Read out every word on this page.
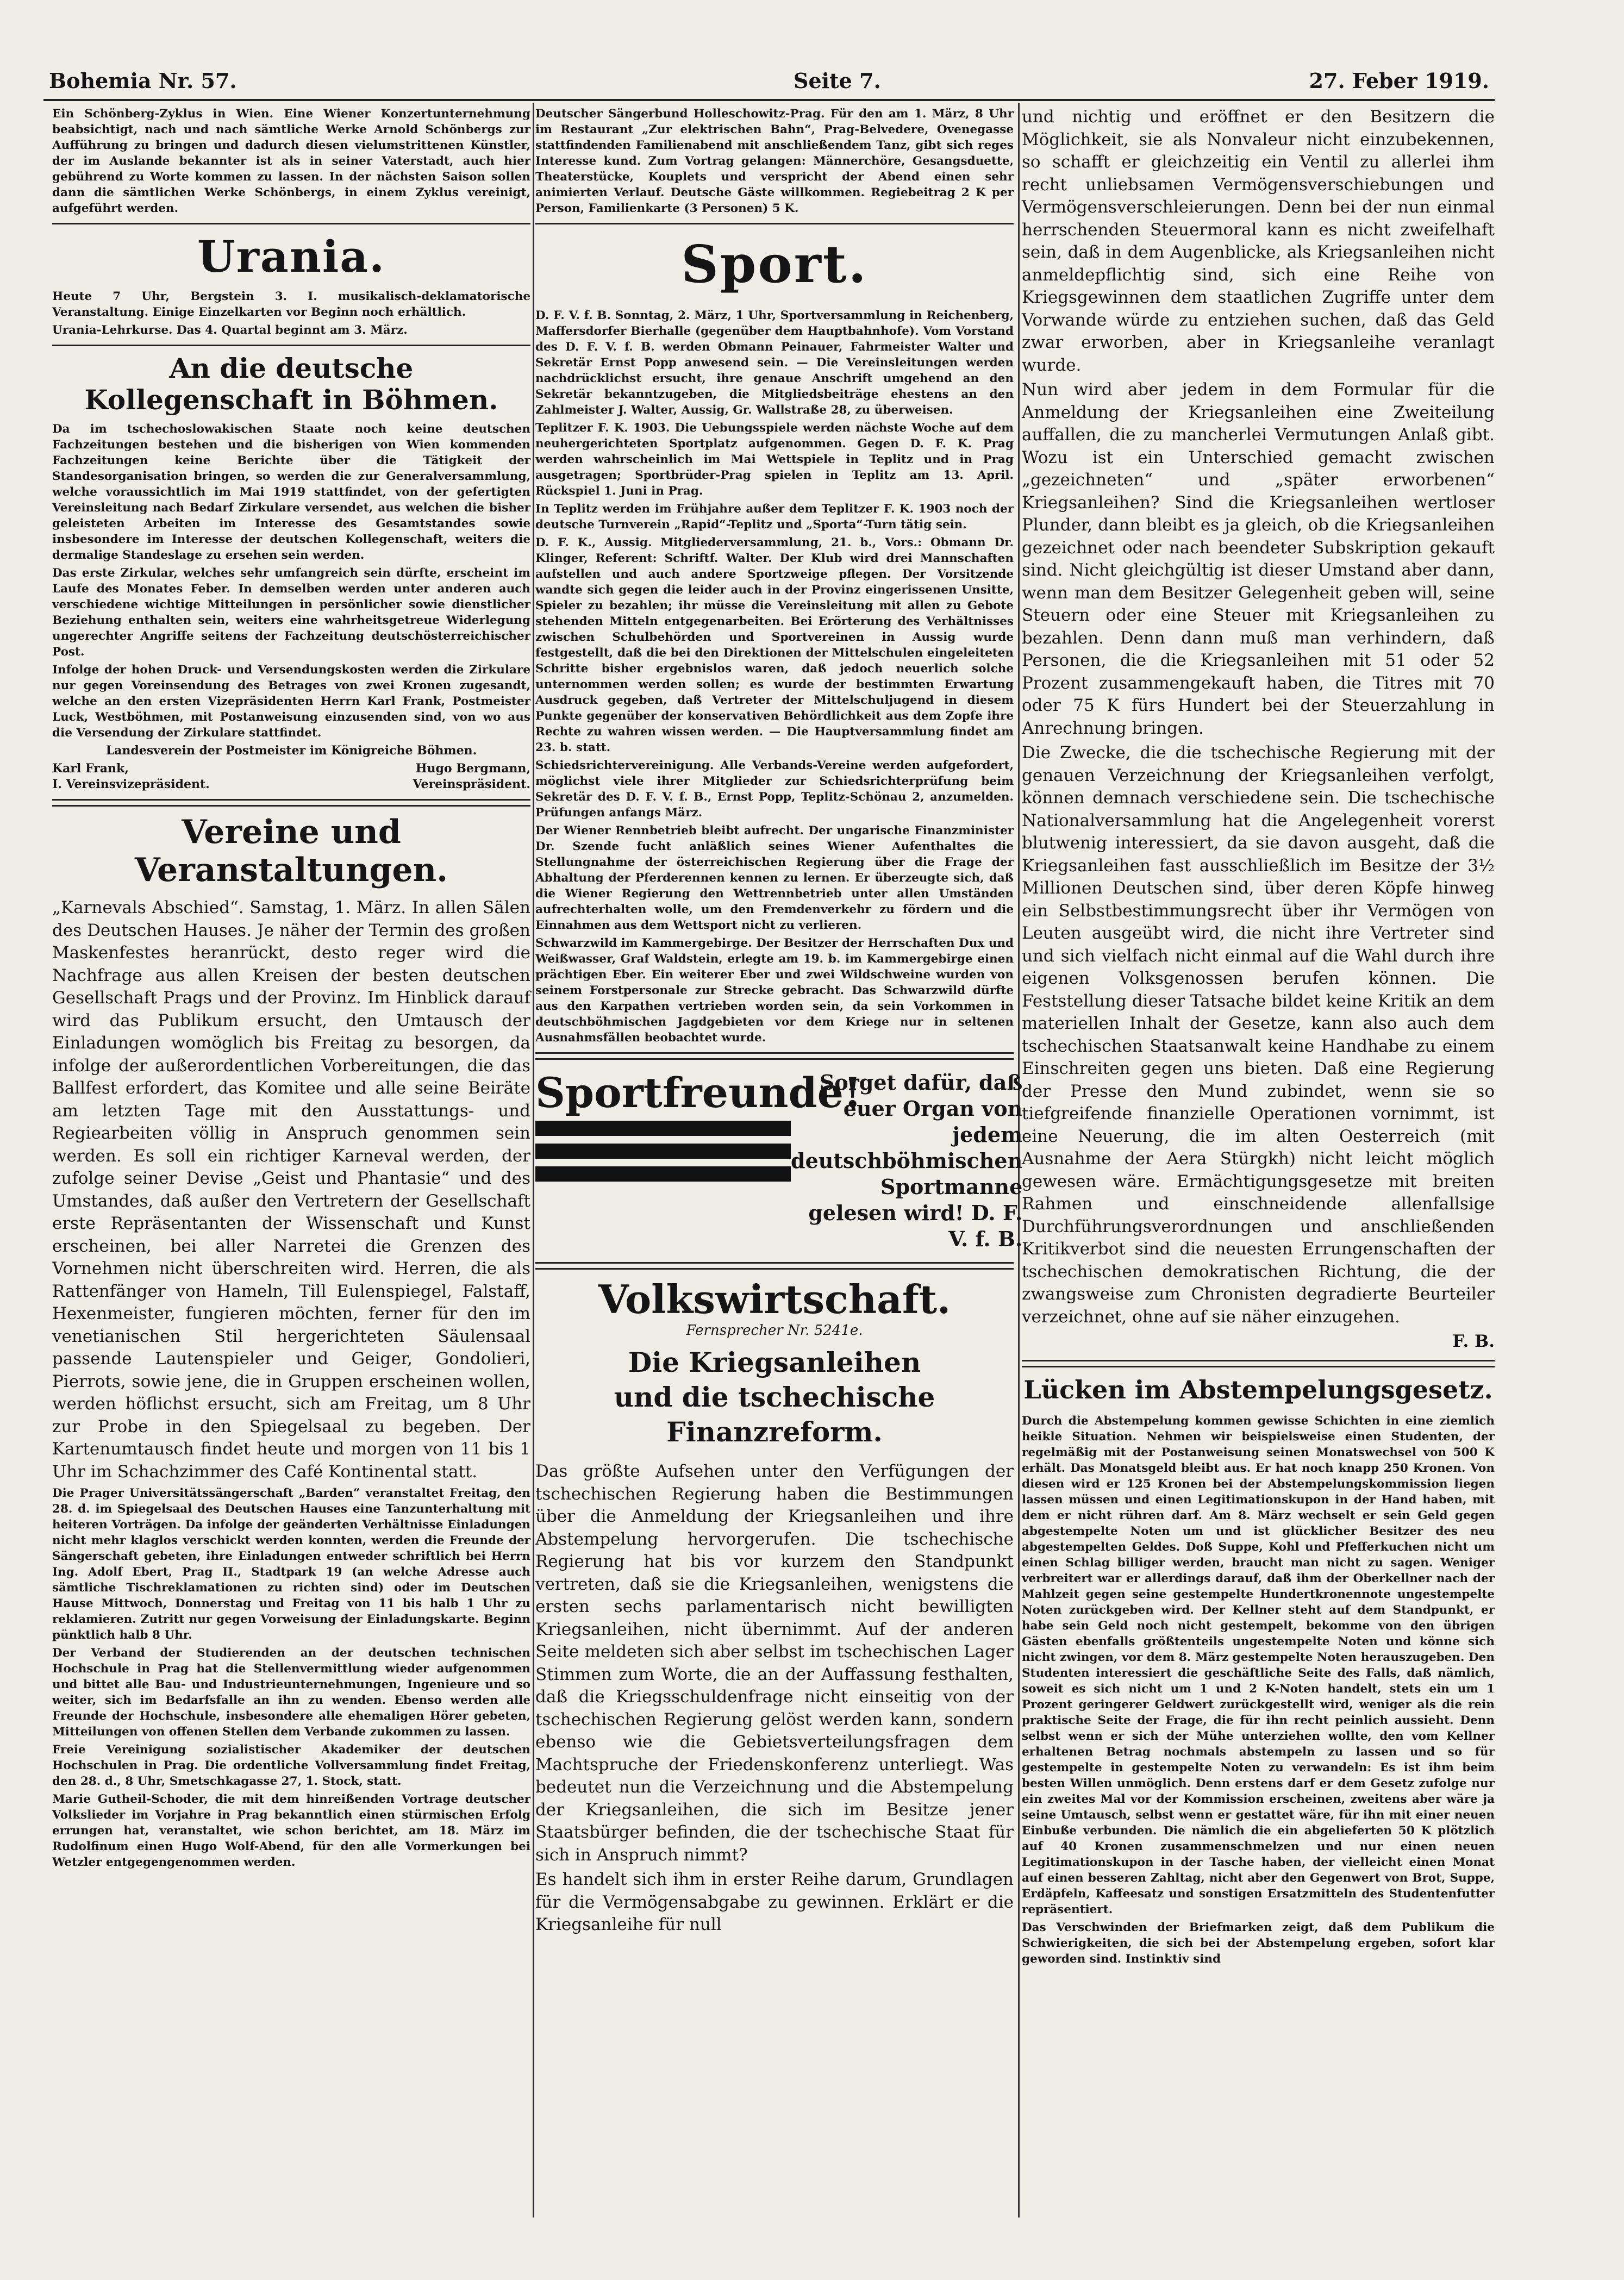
Bohemia Nr. 57.	Seite 7.	27. Feber 1919.

Ein Schönberg-Zyklus in Wien. Eine Wiener Konzertunternehmung beabsichtigt, nach und nach sämtliche Werke Arnold Schönbergs zur Aufführung zu bringen und dadurch diesen vielumstrittenen Künstler, der im Auslande bekannter ist als in seiner Vaterstadt, auch hier gebührend zu Worte kommen zu lassen. In der nächsten Saison sollen dann die sämtlichen Werke Schönbergs, in einem Zyklus vereinigt, aufgeführt werden.

Urania.

Heute 7 Uhr, Bergstein 3. I. musikalisch-deklamatorische Veranstaltung. Einige Einzelkarten vor Beginn noch erhältlich.

Urania-Lehrkurse. Das 4. Quartal beginnt am 3. März.

An die deutsche Kollegenschaft in Böhmen.

Da im tschechoslowakischen Staate noch keine deutschen Fachzeitungen bestehen und die bisherigen von Wien kommenden Fachzeitungen keine Berichte über die Tätigkeit der Standesorganisation bringen, so werden die zur Generalversammlung, welche voraussichtlich im Mai 1919 stattfindet, von der gefertigten Vereinsleitung nach Bedarf Zirkulare versendet, aus welchen die bisher geleisteten Arbeiten im Interesse des Gesamtstandes sowie insbesondere im Interesse der deutschen Kollegenschaft, weiters die dermalige Standeslage zu ersehen sein werden.

Das erste Zirkular, welches sehr umfangreich sein dürfte, erscheint im Laufe des Monates Feber. In demselben werden unter anderen auch verschiedene wichtige Mitteilungen in persönlicher sowie dienstlicher Beziehung enthalten sein, weiters eine wahrheitsgetreue Widerlegung ungerechter Angriffe seitens der Fachzeitung deutschösterreichischer Post.

Infolge der hohen Druck- und Versendungskosten werden die Zirkulare nur gegen Voreinsendung des Betrages von zwei Kronen zugesandt, welche an den ersten Vizepräsidenten Herrn Karl Frank, Postmeister Luck, Westböhmen, mit Postanweisung einzusenden sind, von wo aus die Versendung der Zirkulare stattfindet.

Landesverein der Postmeister im Königreiche Böhmen.

Karl Frank,	Hugo Bergmann,
I. Vereinsvizepräsident.	Vereinspräsident.
Vereine und Veranstaltungen.

„Karnevals Abschied“. Samstag, 1. März. In allen Sälen des Deutschen Hauses. Je näher der Termin des großen Maskenfestes heranrückt, desto reger wird die Nachfrage aus allen Kreisen der besten deutschen Gesellschaft Prags und der Provinz. Im Hinblick darauf wird das Publikum ersucht, den Umtausch der Einladungen womöglich bis Freitag zu besorgen, da infolge der außerordentlichen Vorbereitungen, die das Ballfest erfordert, das Komitee und alle seine Beiräte am letzten Tage mit den Ausstattungs- und Regiearbeiten völlig in Anspruch genommen sein werden. Es soll ein richtiger Karneval werden, der zufolge seiner Devise „Geist und Phantasie“ und des Umstandes, daß außer den Vertretern der Gesellschaft erste Repräsentanten der Wissenschaft und Kunst erscheinen, bei aller Narretei die Grenzen des Vornehmen nicht überschreiten wird. Herren, die als Rattenfänger von Hameln, Till Eulenspiegel, Falstaff, Hexenmeister, fungieren möchten, ferner für den im venetianischen Stil hergerichteten Säulensaal passende Lautenspieler und Geiger, Gondolieri, Pierrots, sowie jene, die in Gruppen erscheinen wollen, werden höflichst ersucht, sich am Freitag, um 8 Uhr zur Probe in den Spiegelsaal zu begeben. Der Kartenumtausch findet heute und morgen von 11 bis 1 Uhr im Schachzimmer des Café Kontinental statt.

Die Prager Universitätssängerschaft „Barden“ veranstaltet Freitag, den 28. d. im Spiegelsaal des Deutschen Hauses eine Tanzunterhaltung mit heiteren Vorträgen. Da infolge der geänderten Verhältnisse Einladungen nicht mehr klaglos verschickt werden konnten, werden die Freunde der Sängerschaft gebeten, ihre Einladungen entweder schriftlich bei Herrn Ing. Adolf Ebert, Prag II., Stadtpark 19 (an welche Adresse auch sämtliche Tischreklamationen zu richten sind) oder im Deutschen Hause Mittwoch, Donnerstag und Freitag von 11 bis halb 1 Uhr zu reklamieren. Zutritt nur gegen Vorweisung der Einladungskarte. Beginn pünktlich halb 8 Uhr.

Der Verband der Studierenden an der deutschen technischen Hochschule in Prag hat die Stellenvermittlung wieder aufgenommen und bittet alle Bau- und Industrieunternehmungen, Ingenieure und so weiter, sich im Bedarfsfalle an ihn zu wenden. Ebenso werden alle Freunde der Hochschule, insbesondere alle ehemaligen Hörer gebeten, Mitteilungen von offenen Stellen dem Verbande zukommen zu lassen.

Freie Vereinigung sozialistischer Akademiker der deutschen Hochschulen in Prag. Die ordentliche Vollversammlung findet Freitag, den 28. d., 8 Uhr, Smetschkagasse 27, 1. Stock, statt.

Marie Gutheil-Schoder, die mit dem hinreißenden Vortrage deutscher Volkslieder im Vorjahre in Prag bekanntlich einen stürmischen Erfolg errungen hat, veranstaltet, wie schon berichtet, am 18. März im Rudolfinum einen Hugo Wolf-Abend, für den alle Vormerkungen bei Wetzler entgegengenommen werden.

Deutscher Sängerbund Holleschowitz-Prag. Für den am 1. März, 8 Uhr im Restaurant „Zur elektrischen Bahn“, Prag-Belvedere, Ovenegasse stattfindenden Familienabend mit anschließendem Tanz, gibt sich reges Interesse kund. Zum Vortrag gelangen: Männerchöre, Gesangsduette, Theaterstücke, Kouplets und verspricht der Abend einen sehr animierten Verlauf. Deutsche Gäste willkommen. Regiebeitrag 2 K per Person, Familienkarte (3 Personen) 5 K.

Sport.

D. F. V. f. B. Sonntag, 2. März, 1 Uhr, Sportversammlung in Reichenberg, Maffersdorfer Bierhalle (gegenüber dem Hauptbahnhofe). Vom Vorstand des D. F. V. f. B. werden Obmann Peinauer, Fahrmeister Walter und Sekretär Ernst Popp anwesend sein. — Die Vereinsleitungen werden nachdrücklichst ersucht, ihre genaue Anschrift umgehend an den Sekretär bekanntzugeben, die Mitgliedsbeiträge ehestens an den Zahlmeister J. Walter, Aussig, Gr. Wallstraße 28, zu überweisen.

Teplitzer F. K. 1903. Die Uebungsspiele werden nächste Woche auf dem neuhergerichteten Sportplatz aufgenommen. Gegen D. F. K. Prag werden wahrscheinlich im Mai Wettspiele in Teplitz und in Prag ausgetragen; Sportbrüder-Prag spielen in Teplitz am 13. April. Rückspiel 1. Juni in Prag.

In Teplitz werden im Frühjahre außer dem Teplitzer F. K. 1903 noch der deutsche Turnverein „Rapid“-Teplitz und „Sporta“-Turn tätig sein.

D. F. K., Aussig. Mitgliederversammlung, 21. b., Vors.: Obmann Dr. Klinger, Referent: Schriftf. Walter. Der Klub wird drei Mannschaften aufstellen und auch andere Sportzweige pflegen. Der Vorsitzende wandte sich gegen die leider auch in der Provinz eingerissenen Unsitte, Spieler zu bezahlen; ihr müsse die Vereinsleitung mit allen zu Gebote stehenden Mitteln entgegenarbeiten. Bei Erörterung des Verhältnisses zwischen Schulbehörden und Sportvereinen in Aussig wurde festgestellt, daß die bei den Direktionen der Mittelschulen eingeleiteten Schritte bisher ergebnislos waren, daß jedoch neuerlich solche unternommen werden sollen; es wurde der bestimmten Erwartung Ausdruck gegeben, daß Vertreter der Mittelschuljugend in diesem Punkte gegenüber der konservativen Behördlichkeit aus dem Zopfe ihre Rechte zu wahren wissen werden. — Die Hauptversammlung findet am 23. b. statt.

Schiedsrichtervereinigung. Alle Verbands-Vereine werden aufgefordert, möglichst viele ihrer Mitglieder zur Schiedsrichterprüfung beim Sekretär des D. F. V. f. B., Ernst Popp, Teplitz-Schönau 2, anzumelden. Prüfungen anfangs März.

Der Wiener Rennbetrieb bleibt aufrecht. Der ungarische Finanzminister Dr. Szende fucht anläßlich seines Wiener Aufenthaltes die Stellungnahme der österreichischen Regierung über die Frage der Abhaltung der Pferderennen kennen zu lernen. Er überzeugte sich, daß die Wiener Regierung den Wettrennbetrieb unter allen Umständen aufrechterhalten wolle, um den Fremdenverkehr zu fördern und die Einnahmen aus dem Wettsport nicht zu verlieren.

Schwarzwild im Kammergebirge. Der Besitzer der Herrschaften Dux und Weißwasser, Graf Waldstein, erlegte am 19. b. im Kammergebirge einen prächtigen Eber. Ein weiterer Eber und zwei Wildschweine wurden von seinem Forstpersonale zur Strecke gebracht. Das Schwarzwild dürfte aus den Karpathen vertrieben worden sein, da sein Vorkommen in deutschböhmischen Jagdgebieten vor dem Kriege nur in seltenen Ausnahmsfällen beobachtet wurde.

Sportfreunde!
Sorget dafür, daß euer Organ von jedem deutschböhmischen Sportmanne gelesen wird! D. F. V. f. B.
Volkswirtschaft.
Fernsprecher Nr. 5241e.
Die Kriegsanleihen
und die tschechische Finanzreform.

Das größte Aufsehen unter den Verfügungen der tschechischen Regierung haben die Bestimmungen über die Anmeldung der Kriegsanleihen und ihre Abstempelung hervorgerufen. Die tschechische Regierung hat bis vor kurzem den Standpunkt vertreten, daß sie die Kriegsanleihen, wenigstens die ersten sechs parlamentarisch nicht bewilligten Kriegsanleihen, nicht übernimmt. Auf der anderen Seite meldeten sich aber selbst im tschechischen Lager Stimmen zum Worte, die an der Auffassung festhalten, daß die Kriegsschuldenfrage nicht einseitig von der tschechischen Regierung gelöst werden kann, sondern ebenso wie die Gebietsverteilungsfragen dem Machtspruche der Friedenskonferenz unterliegt. Was bedeutet nun die Verzeichnung und die Abstempelung der Kriegsanleihen, die sich im Besitze jener Staatsbürger befinden, die der tschechische Staat für sich in Anspruch nimmt?

Es handelt sich ihm in erster Reihe darum, Grundlagen für die Vermögensabgabe zu gewinnen. Erklärt er die Kriegsanleihe für null

und nichtig und eröffnet er den Besitzern die Möglichkeit, sie als Nonvaleur nicht einzubekennen, so schafft er gleichzeitig ein Ventil zu allerlei ihm recht unliebsamen Vermögensverschiebungen und Vermögensverschleierungen. Denn bei der nun einmal herrschenden Steuermoral kann es nicht zweifelhaft sein, daß in dem Augenblicke, als Kriegsanleihen nicht anmeldepflichtig sind, sich eine Reihe von Kriegsgewinnen dem staatlichen Zugriffe unter dem Vorwande würde zu entziehen suchen, daß das Geld zwar erworben, aber in Kriegsanleihe veranlagt wurde.

Nun wird aber jedem in dem Formular für die Anmeldung der Kriegsanleihen eine Zweiteilung auffallen, die zu mancherlei Vermutungen Anlaß gibt. Wozu ist ein Unterschied gemacht zwischen „gezeichneten“ und „später erworbenen“ Kriegsanleihen? Sind die Kriegsanleihen wertloser Plunder, dann bleibt es ja gleich, ob die Kriegsanleihen gezeichnet oder nach beendeter Subskription gekauft sind. Nicht gleichgültig ist dieser Umstand aber dann, wenn man dem Besitzer Gelegenheit geben will, seine Steuern oder eine Steuer mit Kriegsanleihen zu bezahlen. Denn dann muß man verhindern, daß Personen, die die Kriegsanleihen mit 51 oder 52 Prozent zusammengekauft haben, die Titres mit 70 oder 75 K fürs Hundert bei der Steuerzahlung in Anrechnung bringen.

Die Zwecke, die die tschechische Regierung mit der genauen Verzeichnung der Kriegsanleihen verfolgt, können demnach verschiedene sein. Die tschechische Nationalversammlung hat die Angelegenheit vorerst blutwenig interessiert, da sie davon ausgeht, daß die Kriegsanleihen fast ausschließlich im Besitze der 3½ Millionen Deutschen sind, über deren Köpfe hinweg ein Selbstbestimmungsrecht über ihr Vermögen von Leuten ausgeübt wird, die nicht ihre Vertreter sind und sich vielfach nicht einmal auf die Wahl durch ihre eigenen Volksgenossen berufen können. Die Feststellung dieser Tatsache bildet keine Kritik an dem materiellen Inhalt der Gesetze, kann also auch dem tschechischen Staatsanwalt keine Handhabe zu einem Einschreiten gegen uns bieten. Daß eine Regierung der Presse den Mund zubindet, wenn sie so tiefgreifende finanzielle Operationen vornimmt, ist eine Neuerung, die im alten Oesterreich (mit Ausnahme der Aera Stürgkh) nicht leicht möglich gewesen wäre. Ermächtigungsgesetze mit breiten Rahmen und einschneidende allenfallsige Durchführungsverordnungen und anschließenden Kritikverbot sind die neuesten Errungenschaften der tschechischen demokratischen Richtung, die der zwangsweise zum Chronisten degradierte Beurteiler verzeichnet, ohne auf sie näher einzugehen.

F. B.

Lücken im Abstempelungsgesetz.

Durch die Abstempelung kommen gewisse Schichten in eine ziemlich heikle Situation. Nehmen wir beispielsweise einen Studenten, der regelmäßig mit der Postanweisung seinen Monatswechsel von 500 K erhält. Das Monatsgeld bleibt aus. Er hat noch knapp 250 Kronen. Von diesen wird er 125 Kronen bei der Abstempelungskommission liegen lassen müssen und einen Legitimationskupon in der Hand haben, mit dem er nicht rühren darf. Am 8. März wechselt er sein Geld gegen abgestempelte Noten um und ist glücklicher Besitzer des neu abgestempelten Geldes. Doß Suppe, Kohl und Pfefferkuchen nicht um einen Schlag billiger werden, braucht man nicht zu sagen. Weniger verbreitert war er allerdings darauf, daß ihm der Oberkellner nach der Mahlzeit gegen seine gestempelte Hundertkronennote ungestempelte Noten zurückgeben wird. Der Kellner steht auf dem Standpunkt, er habe sein Geld noch nicht gestempelt, bekomme von den übrigen Gästen ebenfalls größtenteils ungestempelte Noten und könne sich nicht zwingen, vor dem 8. März gestempelte Noten herauszugeben. Den Studenten interessiert die geschäftliche Seite des Falls, daß nämlich, soweit es sich nicht um 1 und 2 K-Noten handelt, stets ein um 1 Prozent geringerer Geldwert zurückgestellt wird, weniger als die rein praktische Seite der Frage, die für ihn recht peinlich aussieht. Denn selbst wenn er sich der Mühe unterziehen wollte, den vom Kellner erhaltenen Betrag nochmals abstempeln zu lassen und so für gestempelte in gestempelte Noten zu verwandeln: Es ist ihm beim besten Willen unmöglich. Denn erstens darf er dem Gesetz zufolge nur ein zweites Mal vor der Kommission erscheinen, zweitens aber wäre ja seine Umtausch, selbst wenn er gestattet wäre, für ihn mit einer neuen Einbuße verbunden. Die nämlich die ein abgelieferten 50 K plötzlich auf 40 Kronen zusammenschmelzen und nur einen neuen Legitimationskupon in der Tasche haben, der vielleicht einen Monat auf einen besseren Zahltag, nicht aber den Gegenwert von Brot, Suppe, Erdäpfeln, Kaffeesatz und sonstigen Ersatzmitteln des Studentenfutter repräsentiert.

Das Verschwinden der Briefmarken zeigt, daß dem Publikum die Schwierigkeiten, die sich bei der Abstempelung ergeben, sofort klar geworden sind. Instinktiv sind
